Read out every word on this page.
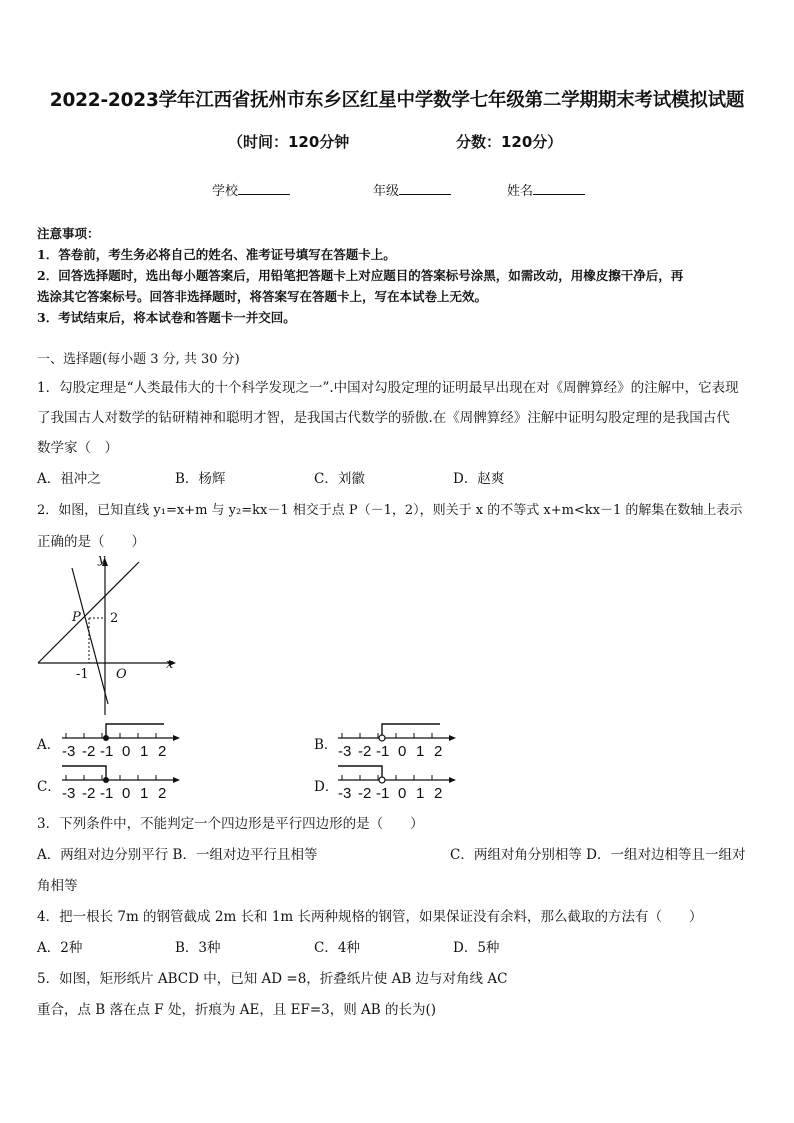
2022-2023学年江西省抚州市东乡区红星中学数学七年级第二学期期末考试模拟试题
（时间：120分钟	分数：120分）
学校	年级	姓名
注意事项：
1．答卷前，考生务必将自己的姓名、准考证号填写在答题卡上。
2．回答选择题时，选出每小题答案后，用铅笔把答题卡上对应题目的答案标号涂黑，如需改动，用橡皮擦干净后，再
选涂其它答案标号。回答非选择题时，将答案写在答题卡上，写在本试卷上无效。
3．考试结束后，将本试卷和答题卡一并交回。
一、选择题(每小题 3 分, 共 30 分)
1．勾股定理是“人类最伟大的十个科学发现之一”.中国对勾股定理的证明最早出现在对《周髀算经》的注解中，它表现
了我国古人对数学的钻研精神和聪明才智，是我国古代数学的骄傲.在《周髀算经》注解中证明勾股定理的是我国古代
数学家（　）
A．祖冲之	B．杨辉	C．刘徽	D．赵爽
2．如图，已知直线 y₁=x+m 与 y₂=kx－1 相交于点 P（－1，2），则关于 x 的不等式 x+m<kx－1 的解集在数轴上表示
正确的是（　　）
y
x
P 2
-1 O
A． -3 -2 -1 0 1 2	B． -3 -2 -1 0 1 2
C． -3 -2 -1 0 1 2	D． -3 -2 -1 0 1 2
3．下列条件中，不能判定一个四边形是平行四边形的是（　　）
A．两组对边分别平行 B．一组对边平行且相等	C．两组对角分别相等 D．一组对边相等且一组对
角相等
4．把一根长 7m 的钢管截成 2m 长和 1m 长两种规格的钢管，如果保证没有余料，那么截取的方法有（　　）
A．2种	B．3种	C．4种	D．5种
5．如图，矩形纸片 ABCD 中，已知 AD =8，折叠纸片使 AB 边与对角线 AC
重合，点 B 落在点 F 处，折痕为 AE，且 EF=3，则 AB 的长为()
